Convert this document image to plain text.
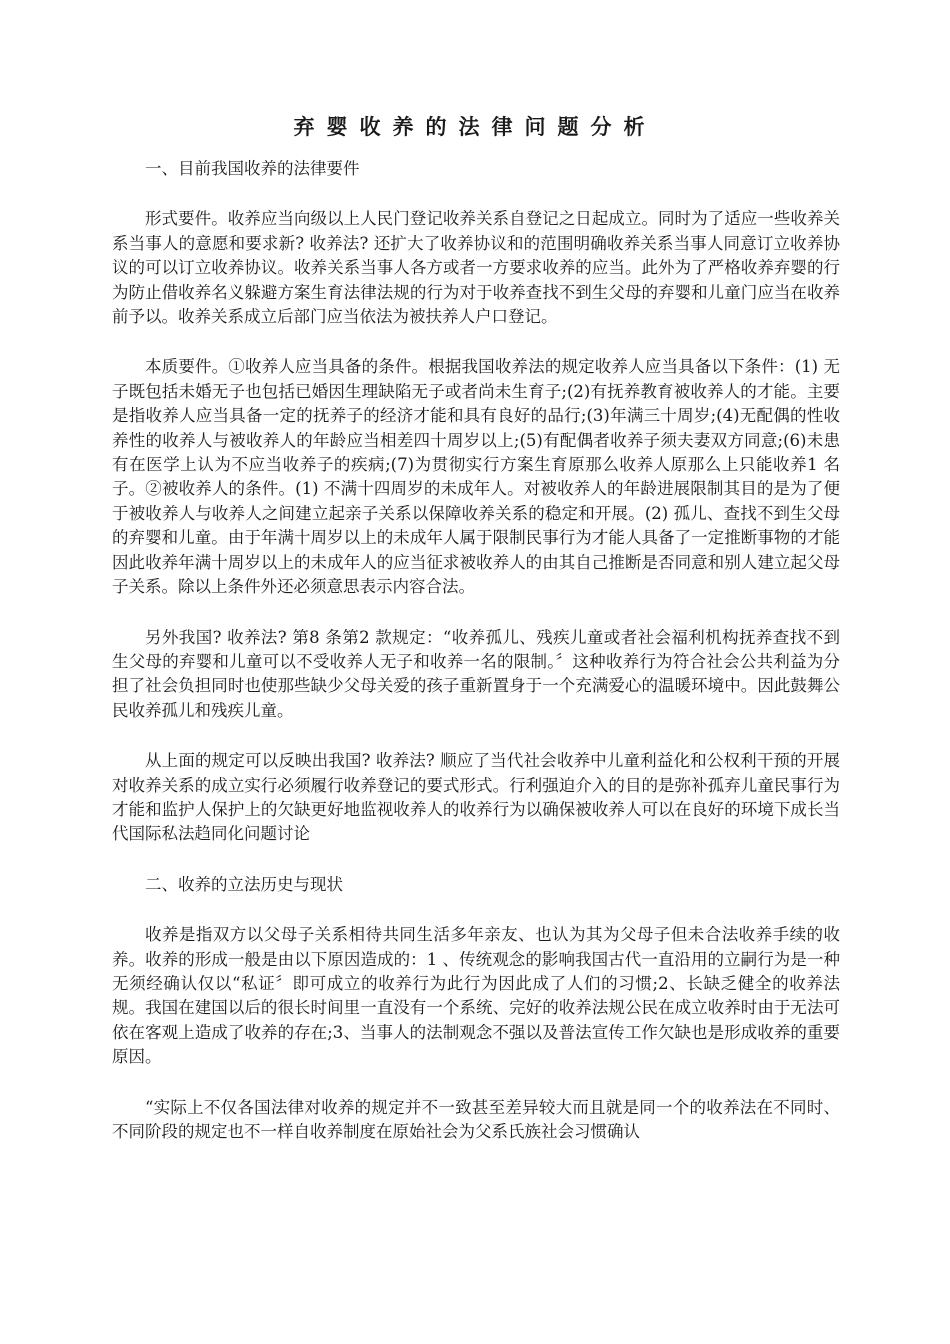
弃婴收养的法律问题分析

一、目前我国收养的法律要件

形式要件。收养应当向级以上人民门登记收养关系自登记之日起成立。同时为了适应一些收养关系当事人的意愿和要求新? 收养法? 还扩大了收养协议和的范围明确收养关系当事人同意订立收养协议的可以订立收养协议。收养关系当事人各方或者一方要求收养的应当。此外为了严格收养弃婴的行为防止借收养名义躲避方案生育法律法规的行为对于收养查找不到生父母的弃婴和儿童门应当在收养前予以。收养关系成立后部门应当依法为被扶养人户口登记。

本质要件。①收养人应当具备的条件。根据我国收养法的规定收养人应当具备以下条件：(1) 无子既包括未婚无子也包括已婚因生理缺陷无子或者尚未生育子;(2)有抚养教育被收养人的才能。主要是指收养人应当具备一定的抚养子的经济才能和具有良好的品行;(3)年满三十周岁;(4)无配偶的性收养性的收养人与被收养人的年龄应当相差四十周岁以上;(5)有配偶者收养子须夫妻双方同意;(6)未患有在医学上认为不应当收养子的疾病;(7)为贯彻实行方案生育原那么收养人原那么上只能收养1 名子。②被收养人的条件。(1) 不满十四周岁的未成年人。对被收养人的年龄进展限制其目的是为了便于被收养人与收养人之间建立起亲子关系以保障收养关系的稳定和开展。(2) 孤儿、查找不到生父母的弃婴和儿童。由于年满十周岁以上的未成年人属于限制民事行为才能人具备了一定推断事物的才能因此收养年满十周岁以上的未成年人的应当征求被收养人的由其自己推断是否同意和别人建立起父母子关系。除以上条件外还必须意思表示内容合法。

另外我国? 收养法? 第8 条第2 款规定：“收养孤儿、残疾儿童或者社会福利机构抚养查找不到生父母的弃婴和儿童可以不受收养人无子和收养一名的限制。〞这种收养行为符合社会公共利益为分担了社会负担同时也使那些缺少父母关爱的孩子重新置身于一个充满爱心的温暖环境中。因此鼓舞公民收养孤儿和残疾儿童。

从上面的规定可以反映出我国? 收养法? 顺应了当代社会收养中儿童利益化和公权利干预的开展对收养关系的成立实行必须履行收养登记的要式形式。行利强迫介入的目的是弥补孤弃儿童民事行为才能和监护人保护上的欠缺更好地监视收养人的收养行为以确保被收养人可以在良好的环境下成长当代国际私法趋同化问题讨论

二、收养的立法历史与现状

收养是指双方以父母子关系相待共同生活多年亲友、也认为其为父母子但未合法收养手续的收养。收养的形成一般是由以下原因造成的：1 、传统观念的影响我国古代一直沿用的立嗣行为是一种无须经确认仅以“私证〞即可成立的收养行为此行为因此成了人们的习惯;2、长缺乏健全的收养法规。我国在建国以后的很长时间里一直没有一个系统、完好的收养法规公民在成立收养时由于无法可依在客观上造成了收养的存在;3、当事人的法制观念不强以及普法宣传工作欠缺也是形成收养的重要原因。

“实际上不仅各国法律对收养的规定并不一致甚至差异较大而且就是同一个的收养法在不同时、不同阶段的规定也不一样自收养制度在原始社会为父系氏族社会习惯确认
